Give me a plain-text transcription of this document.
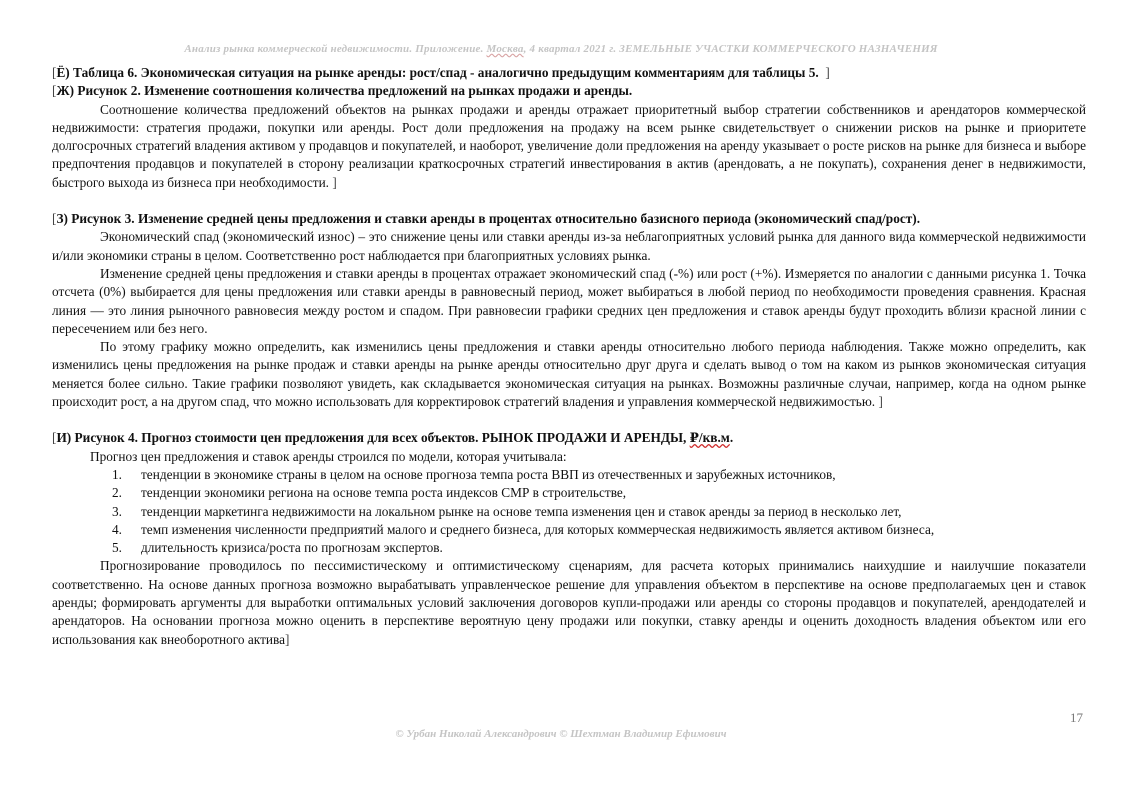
Анализ рынка коммерческой недвижимости. Приложение. Москва, 4 квартал 2021 г. ЗЕМЕЛЬНЫЕ УЧАСТКИ КОММЕРЧЕСКОГО НАЗНАЧЕНИЯ
[Ё) Таблица 6. Экономическая ситуация на рынке аренды: рост/спад - аналогично предыдущим комментариям для таблицы 5.  ]
[Ж) Рисунок 2. Изменение соотношения количества предложений на рынках продажи и аренды.
Соотношение количества предложений объектов на рынках продажи и аренды отражает приоритетный выбор стратегии собственников и арендаторов коммерческой недвижимости: стратегия продажи, покупки или аренды. Рост доли предложения на продажу на всем рынке свидетельствует о снижении рисков на рынке и приоритете долгосрочных стратегий владения активом у продавцов и покупателей, и наоборот, увеличение доли предложения на аренду указывает о росте рисков на рынке для бизнеса и выборе предпочтения продавцов и покупателей в сторону реализации краткосрочных стратегий инвестирования в актив (арендовать, а не покупать), сохранения денег в недвижимости, быстрого выхода из бизнеса при необходимости. ]
[З) Рисунок 3. Изменение средней цены предложения и ставки аренды в процентах относительно базисного периода (экономический спад/рост).
Экономический спад (экономический износ) – это снижение цены или ставки аренды из-за неблагоприятных условий рынка для данного вида коммерческой недвижимости и/или экономики страны в целом. Соответственно рост наблюдается при благоприятных условиях рынка.
Изменение средней цены предложения и ставки аренды в процентах отражает экономический спад (-%) или рост (+%). Измеряется по аналогии с данными рисунка 1. Точка отсчета (0%) выбирается для цены предложения или ставки аренды в равновесный период, может выбираться в любой период по необходимости проведения сравнения. Красная линия — это линия рыночного равновесия между ростом и спадом. При равновесии графики средних цен предложения и ставок аренды будут проходить вблизи красной линии с пересечением или без него.
По этому графику можно определить, как изменились цены предложения и ставки аренды относительно любого периода наблюдения. Также можно определить, как изменились цены предложения на рынке продаж и ставки аренды на рынке аренды относительно друг друга и сделать вывод о том на каком из рынков экономическая ситуация меняется более сильно. Такие графики позволяют увидеть, как складывается экономическая ситуация на рынках. Возможны различные случаи, например, когда на одном рынке происходит рост, а на другом спад, что можно использовать для корректировок стратегий владения и управления коммерческой недвижимостью. ]
[И) Рисунок 4. Прогноз стоимости цен предложения для всех объектов. РЫНОК ПРОДАЖИ И АРЕНДЫ, ₽/кв.м.
Прогноз цен предложения и ставок аренды строился по модели, которая учитывала:
1. тенденции в экономике страны в целом на основе прогноза темпа роста ВВП из отечественных и зарубежных источников,
2. тенденции экономики региона на основе темпа роста индексов СМР в строительстве,
3. тенденции маркетинга недвижимости на локальном рынке на основе темпа изменения цен и ставок аренды за период в несколько лет,
4. темп изменения численности предприятий малого и среднего бизнеса, для которых коммерческая недвижимость является активом бизнеса,
5. длительность кризиса/роста по прогнозам экспертов.
Прогнозирование проводилось по пессимистическому и оптимистическому сценариям, для расчета которых принимались наихудшие и наилучшие показатели соответственно. На основе данных прогноза возможно вырабатывать управленческое решение для управления объектом в перспективе на основе предполагаемых цен и ставок аренды; формировать аргументы для выработки оптимальных условий заключения договоров купли-продажи или аренды со стороны продавцов и покупателей, арендодателей и арендаторов. На основании прогноза можно оценить в перспективе вероятную цену продажи или покупки, ставку аренды и оценить доходность владения объектом или его использования как внеоборотного актива]
17
© Урбан Николай Александрович © Шехтман Владимир Ефимович
